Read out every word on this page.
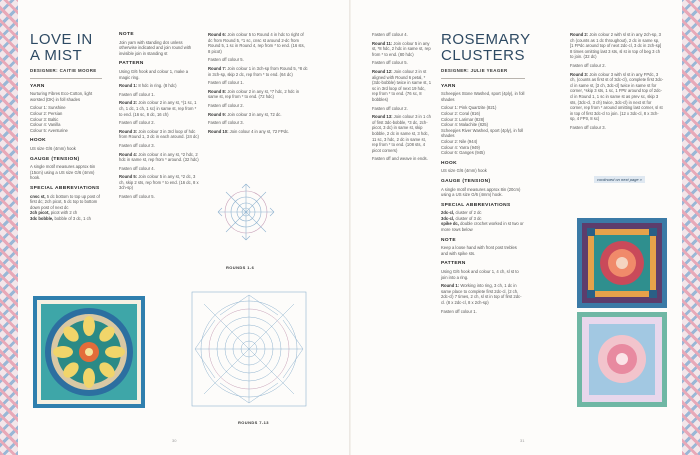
LOVE IN
A MIST
DESIGNER: CAITIE MOORE
YARN

Nurturing Fibres Eco-Cotton, light worsted (DK) in foll shades

Colour 1: Sunshine
Colour 2: Persian
Colour 3: Baltic
Colour 4: Vanilla
Colour 5: Aventurine
HOOK

US size G/6 (4mm) hook

GAUGE (TENSION)

A single motif measures approx 6in (15cm) using a US size G/6 (4mm) hook.

SPECIAL ABBREVIATIONS
cnsc st, 5 dc bottom to top up post of first dc; 2ch picot, 5 dc top to bottom down post of next dc
2ch picot, picot with 2 ch
3dc bobble, bobble of 3 dc, 1 ch
NOTE

Join yarn with standing dcs unless otherwise indicated and join round with invisible join in standing st

PATTERN

Using G/6 hook and colour 1, make a magic ring.

Round 1: 8 hdc in ring. (8 hdc)

Fasten off colour 1.

Round 2: Join colour 2 in any st, *(1 sc, 1 ch, 1 dc, 1 ch, 1 sc) in same st, rep from * to end. (16 sc, 8 dc, 16 ch)

Fasten off colour 2.

Round 3: Join colour 3 in 3rd loop of hdc from Round 1, 3 dc in each around. (24 dc)

Fasten off colour 3.

Round 4: Join colour 4 in any st, *2 hdc, 2 hdc in same st, rep from * around. (32 hdc)

Fasten off colour 4.

Round 5: Join colour 5 in any st, *2 dc, 3 ch, skip 2 sts, rep from * to end. (16 dc, 8 x 3ch-sp)

Fasten off colour 5.

Round 6: Join colour 5 to Round 4 in hdc to right of dc from Round 5, *1 sc, cnsc st around 2-dc from Round 5, 1 sc in Round 4, rep from * to end. (16 sts, 8 picot)

Fasten off colour 5.

Round 7: Join colour 1 in 3ch-sp from Round 5, *8 dc in 3ch-sp, skip 2 dc, rep from * to end. (64 dc)

Fasten off colour 1.

Round 8: Join colour 2 in any st, *7 hdc, 2 hdc in same st, rep from * to end. (72 hdc)

Fasten off colour 2.

Round 9: Join colour 3 in any st, 72 dc.

Fasten off colour 3.

Round 10: Join colour 4 in any st, 72 FPdc.

ROUNDS 1-6
ROUNDS 7-13
30

Fasten off colour 4.

Round 11: Join colour 5 in any st, *8 hdc, 2 hdc in same st, rep from * to end. (80 hdc)

Fasten off colour 5.

Round 12: Join colour 2 in st aligned with Round 6 petal, *(3dc-bobble) twice in same st, 1 sc in 3rd loop of next 19 hdc, rep from * to end. (76 sc, 8 bobbles)

Fasten off colour 2.

Round 13: Join colour 3 in 1 ch of first 3dc-bobble, *3 dc, 2ch-picot, 3 dc) in same st, skip bobble, 2 dc in same st, 3 hdc, 11 sc, 3 hdc, 2 dc in same st, rep from * to end. (108 sts, 4 picot corners)

Fasten off and weave in ends.

ROSEMARY
CLUSTERS
DESIGNER: JULIE YEAGER
YARN

Scheepjes Stone Washed, sport (4ply), in foll shades

Colour 1: Pink Quartzite (821)
Colour 2: Coral (816)
Colour 3: Larimar (828)
Colour 4: Malachite (825)
Scheepjes River Washed, sport (4ply), in foll shades
Colour 2: Nile (944)
Colour 4: Yarra (949)
Colour 6: Ganges (945)
HOOK

US size G/6 (4mm) hook

GAUGE (TENSION)

A single motif measures approx 8in (20cm) using a US size G/6 (4mm) hook.

SPECIAL ABBREVIATIONS
2dc-cl, cluster of 2 dc
3dc-cl, cluster of 3 dc
spike dc, double crochet worked in st two or more rows below
NOTE

Keep a loose hand with front post trebles and with spike sts.

PATTERN

Using G/6 hook and colour 1, 4 ch, sl st to join into a ring.

Round 1: Working into ring, 3 ch, 1 dc in same place to complete first 2dc-cl, (2 ch, 2dc-cl) 7 times, 2 ch, sl st in top of first 2dc-cl. (8 x 2dc-cl, 8 x 2ch-sp)

Fasten off colour 1.

Round 2: Join colour 2 with sl st in any 2ch-sp, 3 ch (counts as 1 dc throughout), 2 dc in same sp, [1 FPdc around top of next 2dc-cl, 3 dc in 2ch-sp] 8 times omitting last 3 sts, sl st in top of beg 3 ch to join. (32 dc)

Fasten off colour 2.

Round 3: Join colour 3 with sl st in any FPdc, 3 ch, (counts as first st of 3dc-cl), complete first 3dc-cl in same st, [3 ch, 3dc-cl] twice in same st for corner, *skip 3 sts, 1 sc, 1 FPtr around top of 2dc-cl in Round 1, 1 sc in same st as prev sc, skip 3 sts, (3dc-cl, 3 ch) twice, 3dc-cl) in next st for corner, rep from * around omitting last corner, sl st in top of first 3dc-cl to join. (12 x 3dc-cl, 8 x 3ch-sp, 4 FPtr, 8 sc)

Fasten off colour 3.

continued on next page »
31
